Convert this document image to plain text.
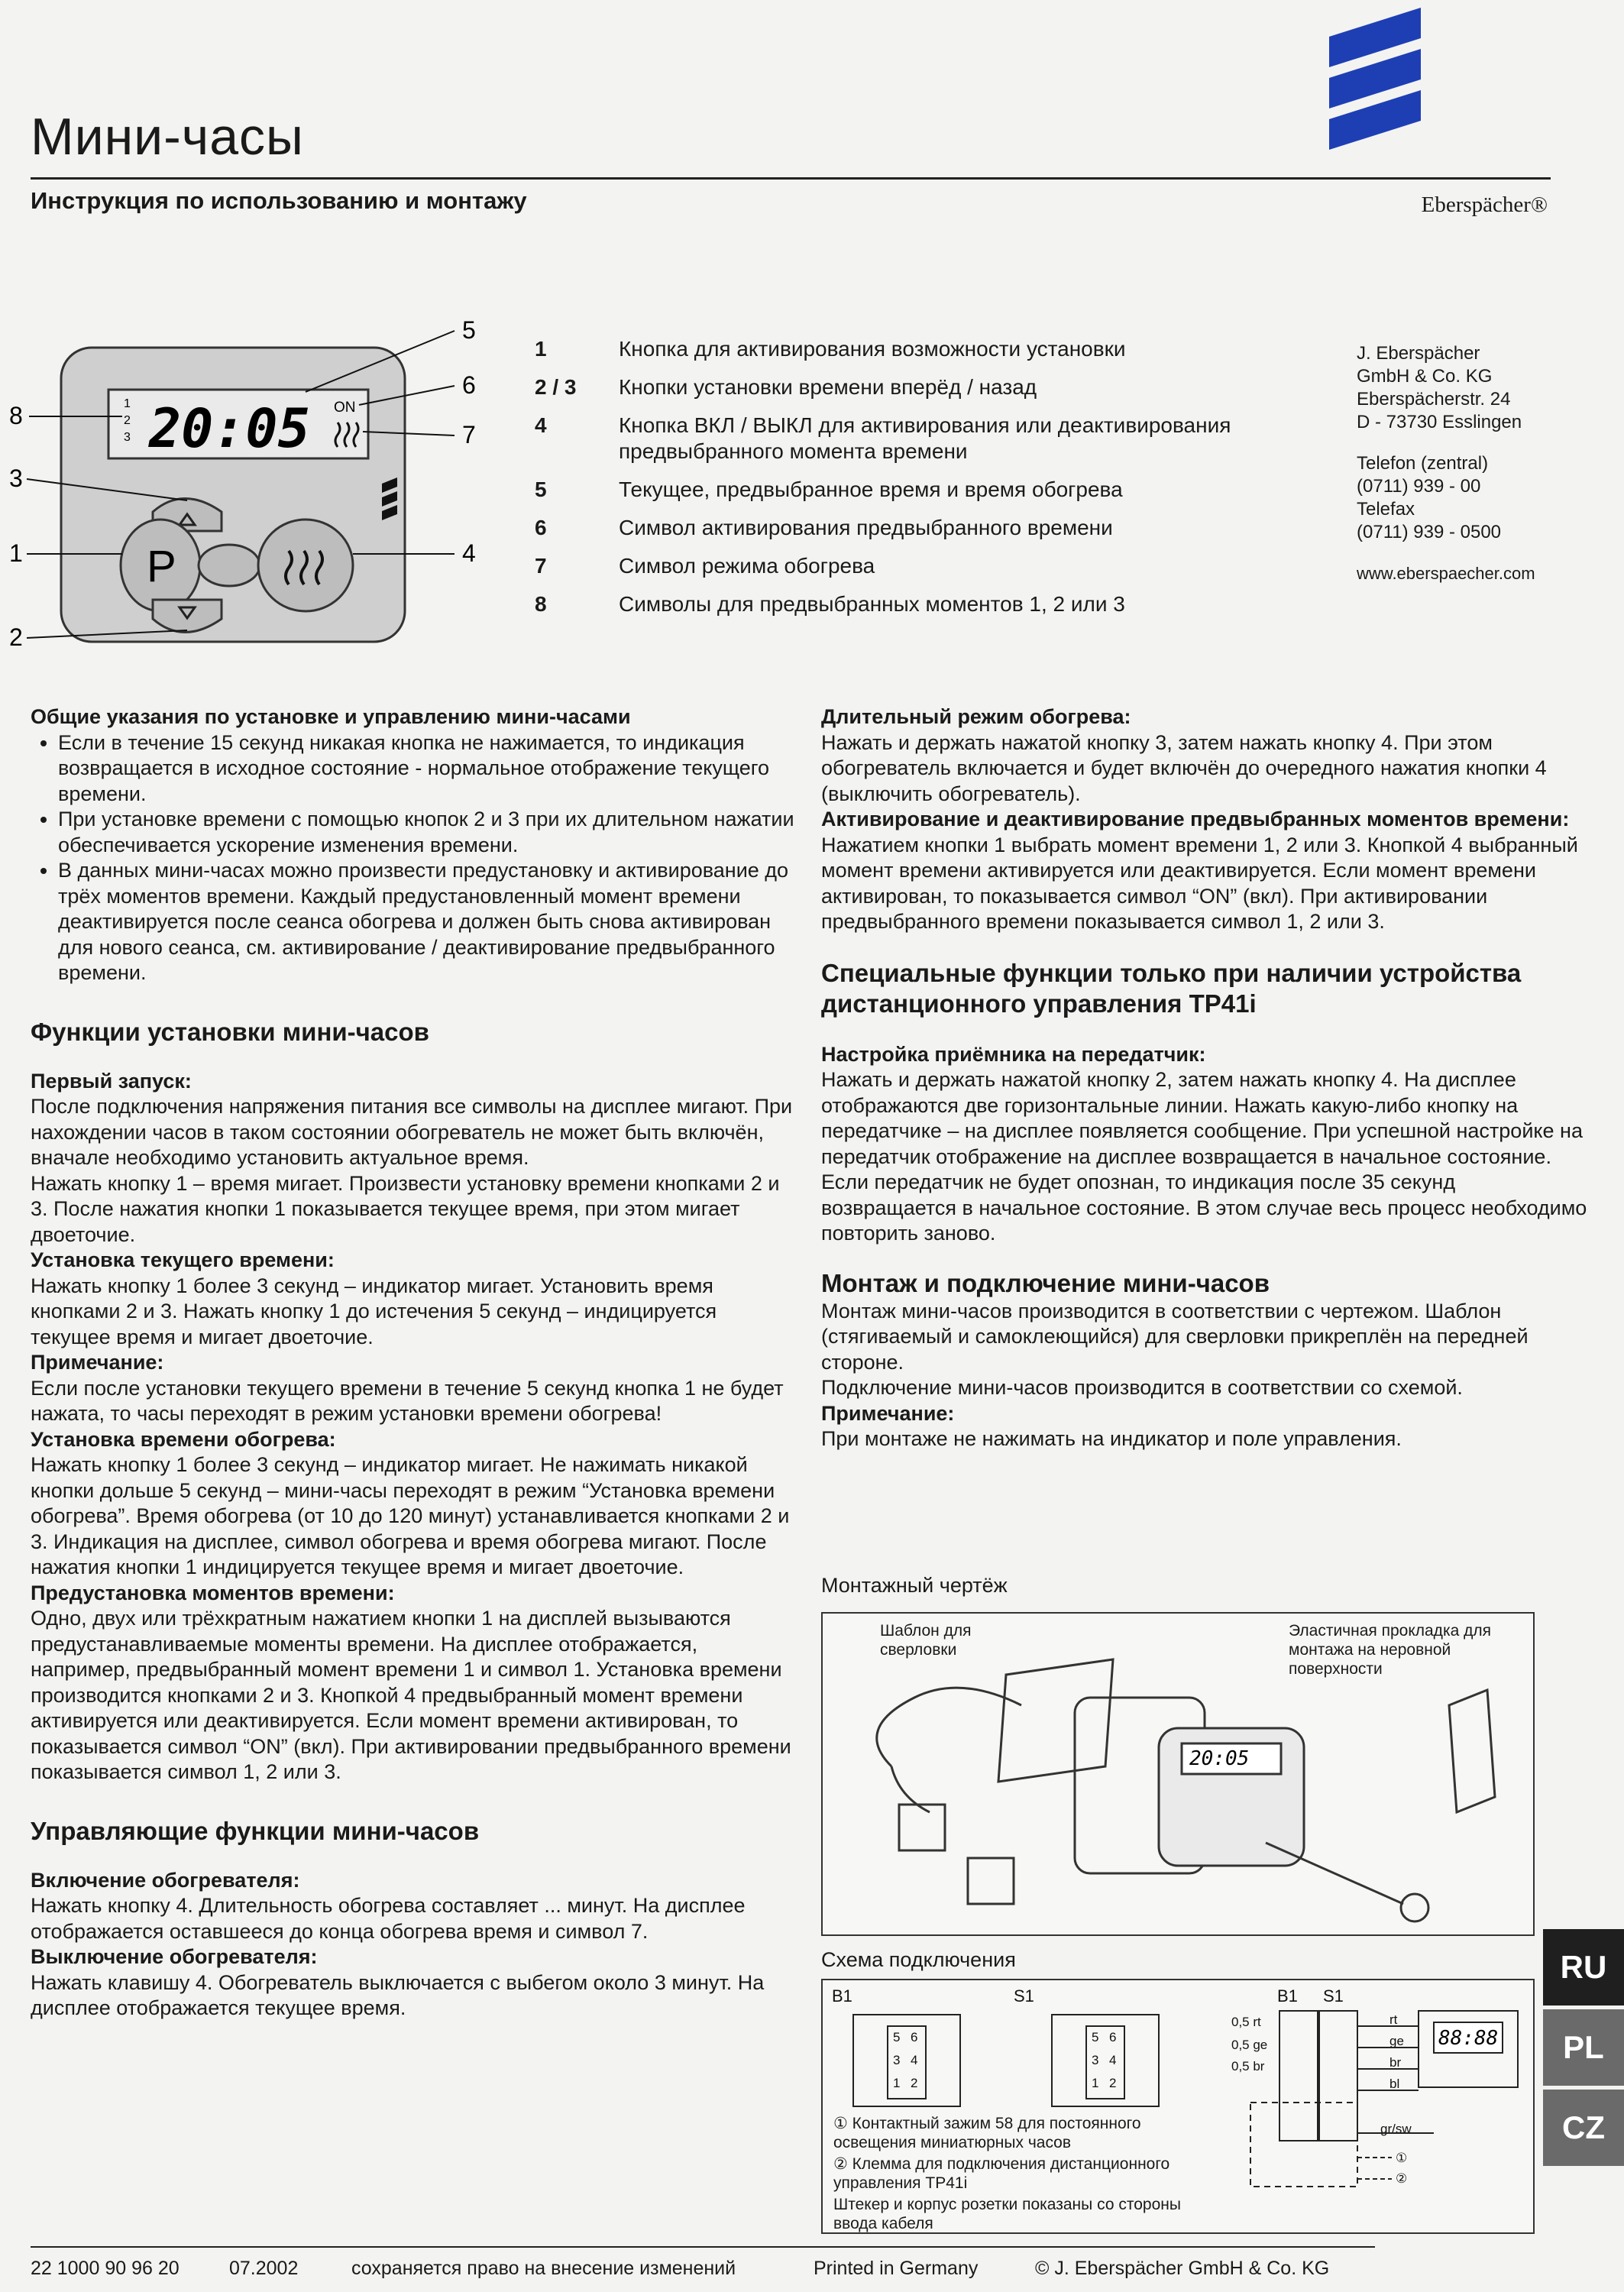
Мини-часы
Инструкция по использованию и монтажу	Eberspächer®
1
2
3 20:05 ON
P
5
6
7
4
8
3
1
2
1	Кнопка для активирования возможности установки
2 / 3	Кнопки установки времени вперёд / назад
4	Кнопка ВКЛ / ВЫКЛ для активирования или деактивирования предвыбранного момента времени
5	Текущее, предвыбранное время и время обогрева
6	Символ активирования предвыбранного времени
7	Символ режима обогрева
8	Символы для предвыбранных моментов 1, 2 или 3
J. Eberspächer
GmbH & Co. KG
Eberspächerstr. 24
D - 73730 Esslingen
Telefon (zentral)
(0711) 939 - 00
Telefax
(0711) 939 - 0500
www.eberspaecher.com

Общие указания по установке и управлению мини-часами

• Если в течение 15 секунд никакая кнопка не нажимается, то индикация возвращается в исходное состояние - нормальное отображение текущего времени.
• При установке времени с помощью кнопок 2 и 3 при их длительном нажатии обеспечивается ускорение изменения времени.
• В данных мини-часах можно произвести предустановку и активирование до трёх моментов времени. Каждый предустановленный момент времени деактивируется после сеанса обогрева и должен быть снова активирован для нового сеанса, см. активирование / деактивирование предвыбранного времени.
Функции установки мини-часов

Первый запуск:

После подключения напряжения питания все символы на дисплее мигают. При нахождении часов в таком состоянии обогреватель не может быть включён, вначале необходимо установить актуальное время.

Нажать кнопку 1 – время мигает. Произвести установку времени кнопками 2 и 3. После нажатия кнопки 1 показывается текущее время, при этом мигает двоеточие.

Установка текущего времени:

Нажать кнопку 1 более 3 секунд – индикатор мигает. Установить время кнопками 2 и 3. Нажать кнопку 1 до истечения 5 секунд – индицируется текущее время и мигает двоеточие.

Примечание:

Если после установки текущего времени в течение 5 секунд кнопка 1 не будет нажата, то часы переходят в режим установки времени обогрева!

Установка времени обогрева:

Нажать кнопку 1 более 3 секунд – индикатор мигает. Не нажимать никакой кнопки дольше 5 секунд – мини-часы переходят в режим “Установка времени обогрева”. Время обогрева (от 10 до 120 минут) устанавливается кнопками 2 и 3. Индикация на дисплее, символ обогрева и время обогрева мигают. После нажатия кнопки 1 индицируется текущее время и мигает двоеточие.

Предустановка моментов времени:

Одно, двух или трёхкратным нажатием кнопки 1 на дисплей вызываются предустанавливаемые моменты времени. На дисплее отображается, например, предвыбранный момент времени 1 и символ 1. Установка времени производится кнопками 2 и 3. Кнопкой 4 предвыбранный момент времени активируется или деактивируется. Если момент времени активирован, то показывается символ “ON” (вкл). При активировании предвыбранного времени показывается символ 1, 2 или 3.

Управляющие функции мини-часов

Включение обогревателя:

Нажать кнопку 4. Длительность обогрева составляет ... минут. На дисплее отображается оставшееся до конца обогрева время и символ 7.

Выключение обогревателя:

Нажать клавишу 4. Обогреватель выключается с выбегом около 3 минут. На дисплее отображается текущее время.

Длительный режим обогрева:

Нажать и держать нажатой кнопку 3, затем нажать кнопку 4. При этом обогреватель включается и будет включён до очередного нажатия кнопки 4 (выключить обогреватель).

Активирование и деактивирование предвыбранных моментов времени:

Нажатием кнопки 1 выбрать момент времени 1, 2 или 3. Кнопкой 4 выбранный момент времени активируется или деактивируется. Если момент времени активирован, то показывается символ “ON” (вкл). При активировании предвыбранного времени показывается символ 1, 2 или 3.

Специальные функции только при наличии устройства дистанционного управления TP41i

Настройка приёмника на передатчик:

Нажать и держать нажатой кнопку 2, затем нажать кнопку 4. На дисплее отображаются две горизонтальные линии. Нажать какую-либо кнопку на передатчике – на дисплее появляется сообщение. При успешной настройке на передатчик отображение на дисплее возвращается в начальное состояние. Если передатчик не будет опознан, то индикация после 35 секунд возвращается в начальное состояние. В этом случае весь процесс необходимо повторить заново.

Монтаж и подключение мини-часов

Монтаж мини-часов производится в соответствии с чертежом. Шаблон (стягиваемый и самоклеющийся) для сверловки прикреплён на передней стороне.

Подключение мини-часов производится в соответствии со схемой.

Примечание:

При монтаже не нажимать на индикатор и поле управления.

Монтажный чертёж
Шаблон для сверловки
Эластичная прокладка для монтажа на неровной поверхности
20:05
Схема подключения
B1	S1	B1 S1
5 6
3 4
1 2
5 6
3 4
1 2
0,5 rt
0,5 ge
0,5 br
rt
ge
br
bl
gr/sw
①
②
88:88
① Контактный зажим 58 для постоянного освещения миниатюрных часов
② Клемма для подключения дистанционного управления TP41i
Штекер и корпус розетки показаны со стороны ввода кабеля
RU
PL
CZ
22 1000 90 96 20	07.2002	сохраняется право на внесение изменений	Printed in Germany	© J. Eberspächer GmbH & Co. KG
